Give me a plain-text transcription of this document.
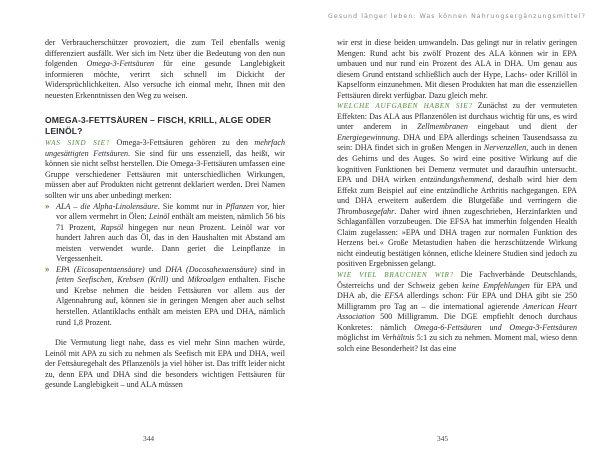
Gesund länger leben: Was können Nahrungsergänzungsmittel?

der Verbraucherschützer provoziert, die zum Teil ebenfalls wenig differenziert ausfällt. Wer sich im Netz über die Bedeutung von den nun folgenden Omega-3-Fettsäuren für eine gesunde Langlebigkeit informieren möchte, verirrt sich schnell im Dickicht der Widersprüchlichkeiten. Also versuche ich einmal mehr, Ihnen mit den neuesten Erkenntnissen den Weg zu weisen.

OMEGA-3-FETTSÄUREN – FISCH, KRILL, ALGE ODER LEINÖL?

WAS SIND SIE? Omega-3-Fettsäuren gehören zu den mehrfach ungesättigten Fettsäuren. Sie sind für uns essenziell, das heißt, wir können sie nicht selbst herstellen. Die Omega-3-Fettsäuren umfassen eine Gruppe verschiedener Fettsäuren mit unterschiedlichen Wirkungen, müssen aber auf Produkten nicht getrennt deklariert werden. Drei Namen sollten wir uns aber unbedingt merken:

» ALA – die Alpha-Linolensäure. Sie kommt nur in Pflanzen vor, hier vor allem vermehrt in Ölen: Leinöl enthält am meisten, nämlich 56 bis 71 Prozent, Rapsöl hingegen nur neun Prozent. Leinöl war vor hundert Jahren auch das Öl, das in den Haushalten mit Abstand am meisten verwendet wurde. Dann geriet die Leinpflanze in Vergessenheit.

» EPA (Eicosapentaensäure) und DHA (Docosahexaensäure) sind in fetten Seefischen, Krebsen (Krill) und Mikroalgen enthalten. Fische und Krebse nehmen die beiden Fettsäuren vor allem aus der Algennahrung auf, können sie in geringen Mengen aber auch selbst herstellen. Atlantiklachs enthält am meisten EPA und DHA, nämlich rund 1,8 Prozent.

Die Vermutung liegt nahe, dass es viel mehr Sinn machen würde, Leinöl mit APA zu sich zu nehmen als Seefisch mit EPA und DHA, weil der Fettsäuregehalt des Pflanzenöls ja viel höher ist. Das trifft leider nicht zu, denn EPA und DHA sind die besonders wichtigen Fettsäuren für gesunde Langlebigkeit – und ALA müssen

wir erst in diese beiden umwandeln. Das gelingt nur in relativ geringen Mengen: Rund acht bis zwölf Prozent des ALA können wir in EPA umbauen und nur rund ein Prozent des ALA in DHA. Um genau aus diesem Grund entstand schließlich auch der Hype, Lachs- oder Krillöl in Kapselform einzunehmen. Mit diesen Produkten hat man die essenziellen Fettsäuren direkt verfügbar. Dazu gleich mehr.

WELCHE AUFGABEN HABEN SIE? Zunächst zu der vermuteten Effekten: Das ALA aus Pflanzenölen ist durchaus wichtig für uns, es wird unter anderem in Zellmembranen eingebaut und dient der Energiegewinnung. DHA und EPA allerdings scheinen Tausendsassa zu sein: DHA findet sich in großen Mengen in Nervenzellen, auch in denen des Gehirns und des Auges. So wird eine positive Wirkung auf die kognitiven Funktionen bei Demenz vermutet und daraufhin untersucht. EPA und DHA wirken entzündungshemmend, deshalb wird hier dem Effekt zum Beispiel auf eine entzündliche Arthritis nachgegangen. EPA und DHA erweitern außerdem die Blutgefäße und verringern die Thrombosegefahr. Daher wird ihnen zugeschrieben, Herzinfarkten und Schlaganfällen vorzubeugen. Die EFSA hat immerhin folgenden Health Claim zugelassen: »EPA und DHA tragen zur normalen Funktion des Herzens bei.« Große Metastudien haben die herzschützende Wirkung nicht eindeutig bestätigen können, etliche kleinere Studien sind jedoch zu positiven Ergebnissen gelangt.

WIE VIEL BRAUCHEN WIR? Die Fachverbände Deutschlands, Österreichs und der Schweiz geben keine Empfehlungen für EPA und DHA ab, die EFSA allerdings schon: Für EPA und DHA gibt sie 250 Milligramm pro Tag an – die international agierende American Heart Association 500 Milligramm. Die DGE empfiehlt denoch durchaus Konkretes: nämlich Omega-6-Fettsäuren und Omega-3-Fettsäuren möglichst im Verhältnis 5:1 zu sich zu nehmen. Moment mal, wieso denn solch eine Besonderheit? Ist das eine

344	345
